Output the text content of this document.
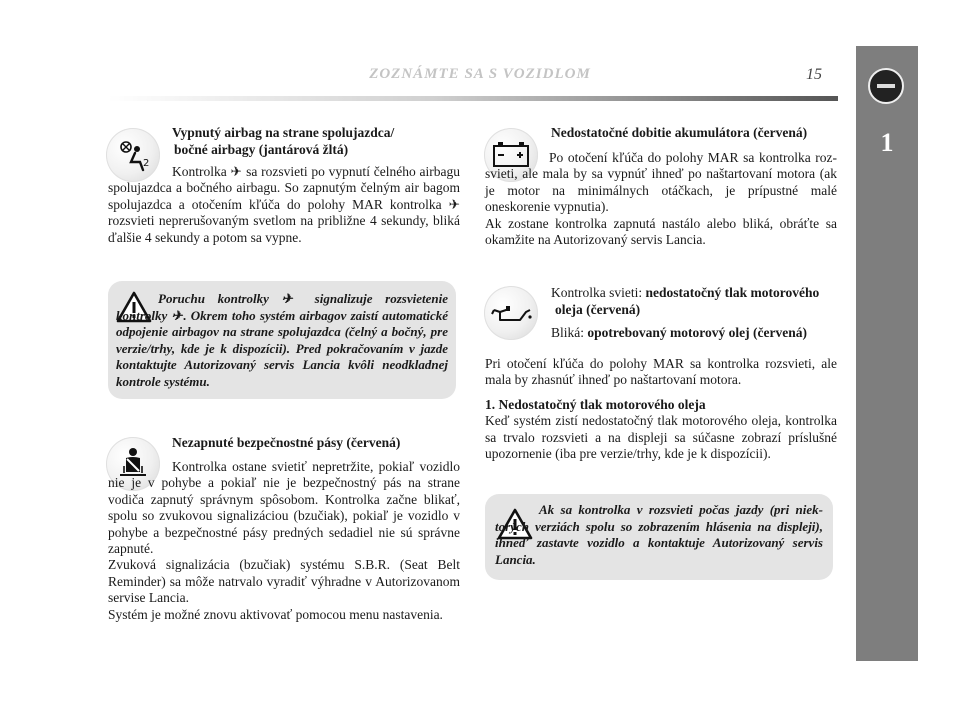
ZOZNÁMTE SA S VOZIDLOM	15
1
2
Vypnutý airbag na strane spolujazdca/
bočné airbagy (jantárová žltá)

Kontrolka ✈ sa rozsvieti po vypnutí čelného airbagu spolujazdca a bočného airbagu. So zapnutým čelným air bagom spolujazdca a otočením kľúča do polohy MAR kontrolka ✈ rozsvieti neprerušovaným svetlom na približne 4 sekundy, bliká ďalšie 4 sekundy a potom sa vypne.

Poruchu kontrolky ✈ signalizuje rozsvietenie kontrolky ✈. Okrem toho systém airbagov zaistí automatické odpojenie airbagov na strane spolujazdca (čelný a bočný, pre verzie/trhy, kde je k dispozícii). Pred pokračovaním v jazde kontaktujte Autorizovaný servis Lancia kvôli neodkladnej kontrole systému.
Nezapnuté bezpečnostné pásy (červená)

Kontrolka ostane svietiť nepretržite, pokiaľ vozidlo nie je v pohybe a pokiaľ nie je bezpečnostný pás na strane vodiča zapnutý správnym spôsobom. Kontrolka začne blikať, spolu so zvukovou signalizáciou (bzučiak), pokiaľ je vozidlo v pohybe a bezpečnostné pásy predných sedadiel nie sú správne zapnuté.

Zvuková signalizácia (bzučiak) systému S.B.R. (Seat Belt Reminder) sa môže natrvalo vyradiť výhradne v Autorizovanom servise Lancia.

Systém je možné znovu aktivovať pomocou menu nastavenia.

Nedostatočné dobitie akumulátora (červená)

Po otočení kľúča do polohy MAR sa kontrolka rozsvieti, ale mala by sa vypnúť ihneď po naštartovaní motora (ak je motor na minimálnych otáčkach, je prípustné malé oneskorenie vypnutia).

Ak zostane kontrolka zapnutá nastálo alebo bliká, obráťte sa okamžite na Autorizovaný servis Lancia.

Kontrolka svieti: nedostatočný tlak motorového
oleja (červená)
Bliká: opotrebovaný motorový olej (červená)

Pri otočení kľúča do polohy MAR sa kontrolka rozsvieti, ale mala by zhasnúť ihneď po naštartovaní motora.

1. Nedostatočný tlak motorového oleja

Keď systém zistí nedostatočný tlak motorového oleja, kontrolka sa trvalo rozsvieti a na displeji sa súčasne zobrazí príslušné upozornenie (iba pre verzie/trhy, kde je k dispozícii).

Ak sa kontrolka v rozsvieti počas jazdy (pri niektorých verziách spolu so zobrazením hlásenia na displeji), ihneď zastavte vozidlo a kontaktuje Autorizovaný servis Lancia.
